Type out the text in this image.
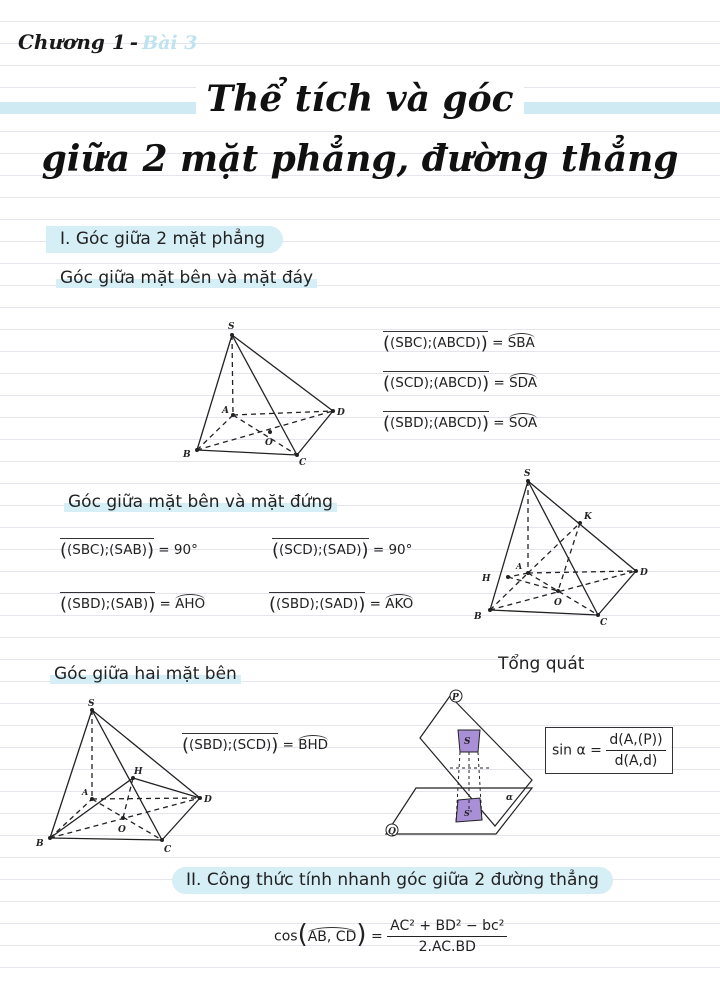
Chương 1 - Bài 3
Thể tích và góc
giữa 2 mặt phẳng, đường thẳng
I. Góc giữa 2 mặt phẳng
Góc giữa mặt bên và mặt đáy
S
B
C
D
A
O
((SBC);(ABCD)) = SBA
((SCD);(ABCD)) = SDA
((SBD);(ABCD)) = SOA
Góc giữa mặt bên và mặt đứng
((SBC);(SAB)) = 90°	((SCD);(SAD)) = 90°
((SBD);(SAB)) = AHO	((SBD);(SAD)) = AKO
S
K
H
A
D
B
C
O
Góc giữa hai mặt bên	Tổng quát
S
H
A
D
B
C
O
((SBD);(SCD)) = BHD
P
Q
S
S'
α
$\sin \alpha = \frac{d(A,(P))}{d(A,d)}$
II. Công thức tính nhanh góc giữa 2 đường thẳng
cos(AB, $CD) = \frac{\text{AC² + BD² − bc²}}{2.AC.BD}$
